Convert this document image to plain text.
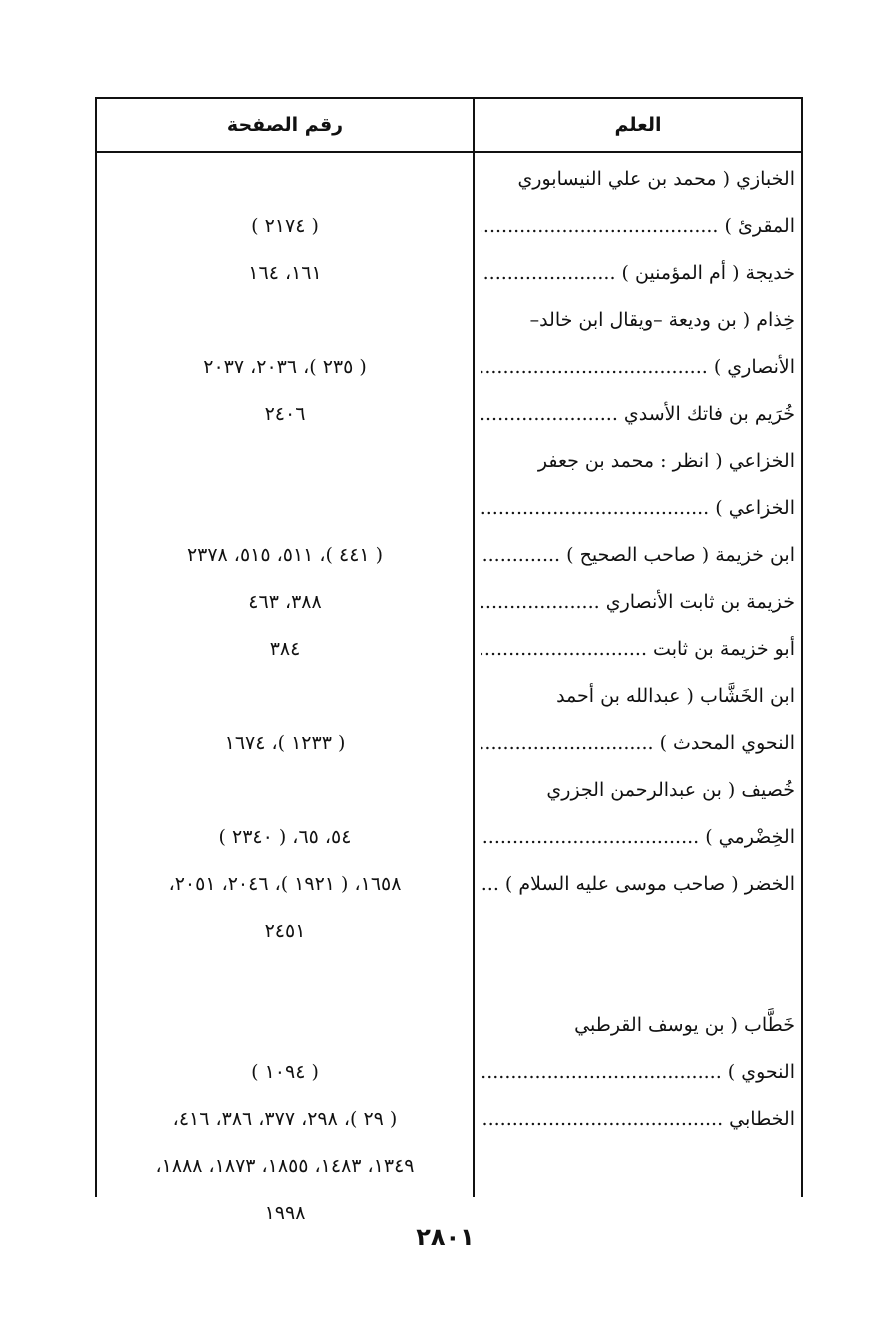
العلم
رقم الصفحة
الخبازي ( محمد بن علي النيسابوري
المقرئ ) .....
( ٢١٧٤ )
خديجة ( أم المؤمنين ) .....
١٦١، ١٦٤
خِذام ( بن وديعة –ويقال ابن خالد–
الأنصاري ) .....
( ٢٣٥ )، ٢٠٣٦، ٢٠٣٧
خُرَيم بن فاتك الأسدي .....
٢٤٠٦
الخزاعي ( انظر : محمد بن جعفر
الخزاعي ) .....
ابن خزيمة ( صاحب الصحيح ) .....
( ٤٤١ )، ٥١١، ٥١٥، ٢٣٧٨
خزيمة بن ثابت الأنصاري .....
٣٨٨، ٤٦٣
أبو خزيمة بن ثابت .....
٣٨٤
ابن الخَشَّاب ( عبدالله بن أحمد
النحوي المحدث ) .....
( ١٢٣٣ )، ١٦٧٤
خُصيف ( بن عبدالرحمن الجزري
الخِضْرمي ) .....
٥٤، ٦٥، ( ٢٣٤٠ )
الخضر ( صاحب موسى عليه السلام ) .....
١٦٥٨، ( ١٩٢١ )، ٢٠٤٦، ٢٠٥١،
٢٤٥١
خَطَّاب ( بن يوسف القرطبي
النحوي ) .....
( ١٠٩٤ )
الخطابي .....
( ٢٩ )، ٢٩٨، ٣٧٧، ٣٨٦، ٤١٦،
١٣٤٩، ١٤٨٣، ١٨٥٥، ١٨٧٣، ١٨٨٨،
١٩٩٨
٢٨٠١
